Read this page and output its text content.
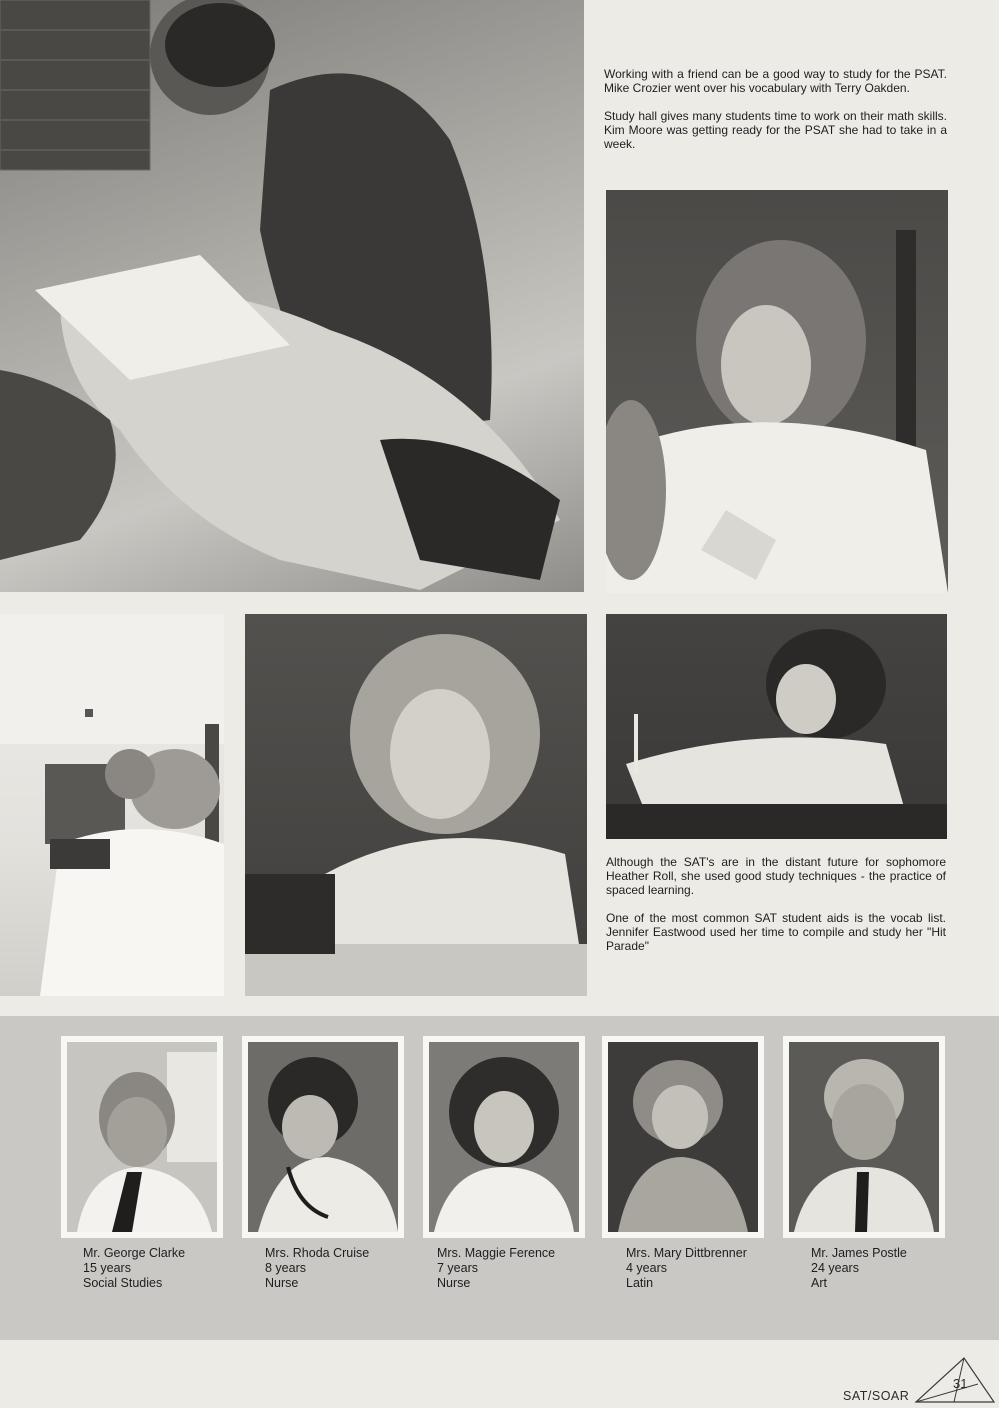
Working with a friend can be a good way to study for the PSAT. Mike Crozier went over his vocabulary with Terry Oakden.

Study hall gives many students time to work on their math skills. Kim Moore was getting ready for the PSAT she had to take in a week.

Although the SAT's are in the distant future for sophomore Heather Roll, she used good study techniques - the practice of spaced learning.

One of the most common SAT student aids is the vocab list. Jennifer Eastwood used her time to compile and study her "Hit Parade"

Mr. George Clarke
15 years
Social Studies
Mrs. Rhoda Cruise
8 years
Nurse
Mrs. Maggie Ference
7 years
Nurse
Mrs. Mary Dittbrenner
4 years
Latin
Mr. James Postle
24 years
Art
SAT/SOAR
31
